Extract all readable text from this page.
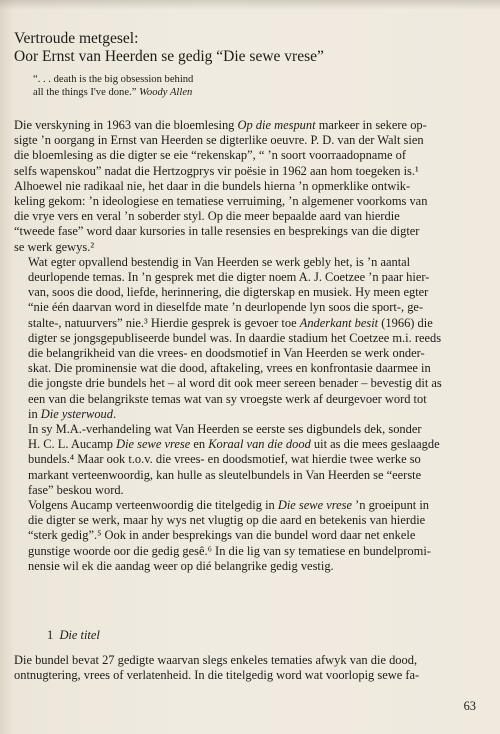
Vertroude metgesel:
Oor Ernst van Heerden se gedig “Die sewe vrese”
“. . . death is the big obsession behind
all the things I've done.” Woody Allen

Die verskyning in 1963 van die bloemlesing Op die mespunt markeer in sekere op-
sigte ’n oorgang in Ernst van Heerden se digterlike oeuvre. P. D. van der Walt sien
die bloemlesing as die digter se eie “rekenskap”, “ ’n soort voorraadopname of
selfs wapenskou” nadat die Hertzogprys vir poësie in 1962 aan hom toegeken is.¹
Alhoewel nie radikaal nie, het daar in die bundels hierna ’n opmerklike ontwik-
keling gekom: ’n ideologiese en tematiese verruiming, ’n algemener voorkoms van
die vrye vers en veral ’n soberder styl. Op die meer bepaalde aard van hierdie
“tweede fase” word daar kursories in talle resensies en besprekings van die digter
se werk gewys.²

Wat egter opvallend bestendig in Van Heerden se werk gebly het, is ’n aantal
deurlopende temas. In ’n gesprek met die digter noem A. J. Coetzee ’n paar hier-
van, soos die dood, liefde, herinnering, die digterskap en musiek. Hy meen egter
“nie één daarvan word in dieselfde mate ’n deurlopende lyn soos die sport-, ge-
stalte-, natuurvers” nie.³ Hierdie gesprek is gevoer toe Anderkant besit (1966) die
digter se jongsgepubliseerde bundel was. In daardie stadium het Coetzee m.i. reeds
die belangrikheid van die vrees- en doodsmotief in Van Heerden se werk onder-
skat. Die prominensie wat die dood, aftakeling, vrees en konfrontasie daarmee in
die jongste drie bundels het – al word dit ook meer sereen benader – bevestig dit as
een van die belangrikste temas wat van sy vroegste werk af deurgevoer word tot
in Die ysterwoud.

In sy M.A.-verhandeling wat Van Heerden se eerste ses digbundels dek, sonder
H. C. L. Aucamp Die sewe vrese en Koraal van die dood uit as die mees geslaagde
bundels.⁴ Maar ook t.o.v. die vrees- en doodsmotief, wat hierdie twee werke so
markant verteenwoordig, kan hulle as sleutelbundels in Van Heerden se “eerste
fase” beskou word.

Volgens Aucamp verteenwoordig die titelgedig in Die sewe vrese ’n groeipunt in
die digter se werk, maar hy wys net vlugtig op die aard en betekenis van hierdie
“sterk gedig”.⁵ Ook in ander besprekings van die bundel word daar net enkele
gunstige woorde oor die gedig gesê.⁶ In die lig van sy tematiese en bundelpromi-
nensie wil ek die aandag weer op dié belangrike gedig vestig.

1 Die titel
Die bundel bevat 27 gedigte waarvan slegs enkeles tematies afwyk van die dood,
ontnugtering, vrees of verlatenheid. In die titelgedig word wat voorlopig sewe fa-
63
